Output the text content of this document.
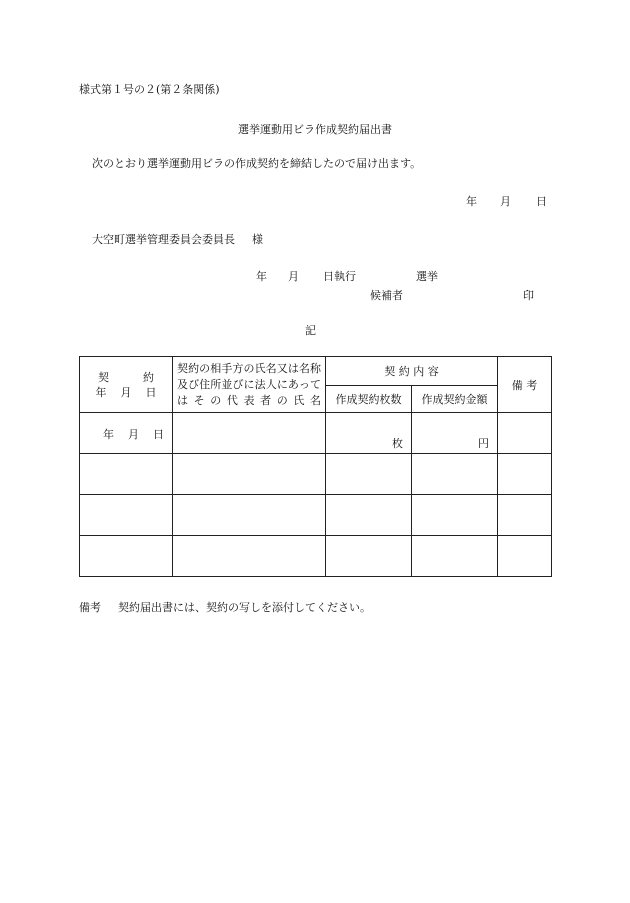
様式第１号の２(第２条関係)
選挙運動用ビラ作成契約届出書
次のとおり選挙運動用ビラの作成契約を締結したので届け出ます。
年 月 日
大空町選挙管理委員会委員長 様
年 月 日執行	選挙
候補者	印
記
契 約
年 月 日	契約の相手方の氏名又は名称及び住所並びに法人にあってはその代表者の氏名	契 約 内 容		備 考
		作成契約枚数	作成契約金額	

年 月 日		枚	円	

備考 契約届出書には、契約の写しを添付してください。
